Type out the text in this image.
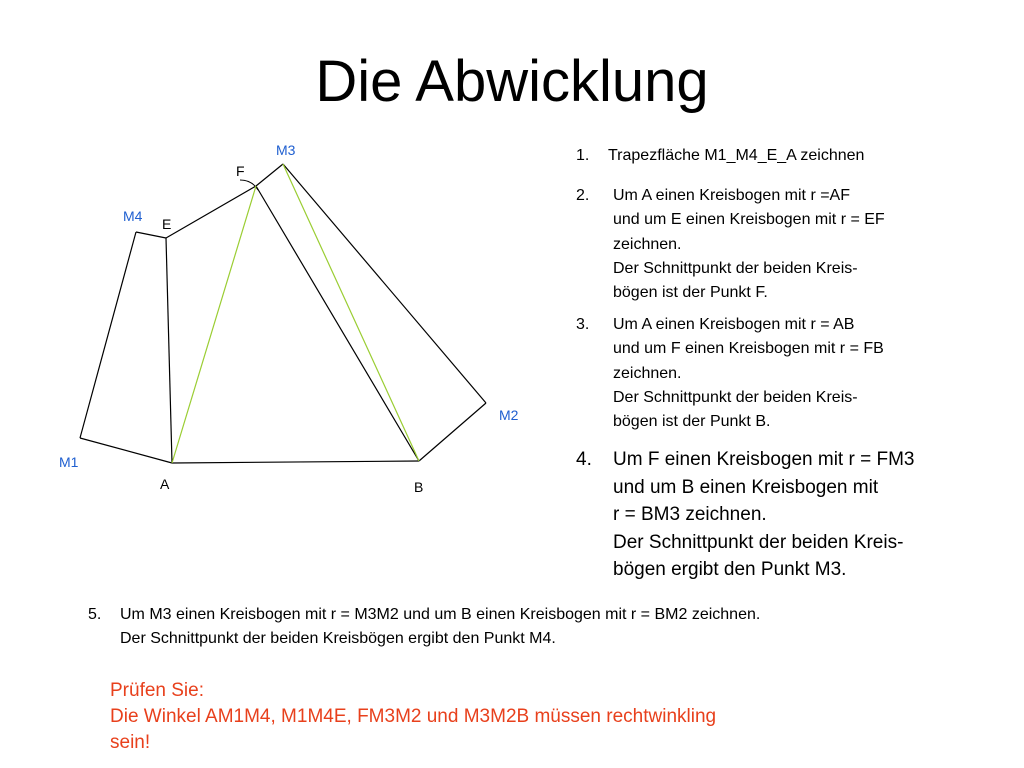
Die Abwicklung
M3
F
M4 E
M2
M1
A	B
1. Trapezfläche M1_M4_E_A zeichnen
2. Um A einen Kreisbogen mit r =AF
und um E einen Kreisbogen mit r = EF
zeichnen.
Der Schnittpunkt der beiden Kreis-
bögen ist der Punkt F.
3. Um A einen Kreisbogen mit r = AB
und um F einen Kreisbogen mit r = FB
zeichnen.
Der Schnittpunkt der beiden Kreis-
bögen ist der Punkt B.
4. Um F einen Kreisbogen mit r = FM3
und um B einen Kreisbogen mit
r = BM3 zeichnen.
Der Schnittpunkt der beiden Kreis-
bögen ergibt den Punkt M3.
5. Um M3 einen Kreisbogen mit r = M3M2 und um B einen Kreisbogen mit r = BM2 zeichnen.
Der Schnittpunkt der beiden Kreisbögen ergibt den Punkt M4.
Prüfen Sie:
Die Winkel AM1M4, M1M4E, FM3M2 und M3M2B müssen rechtwinkling
sein!
